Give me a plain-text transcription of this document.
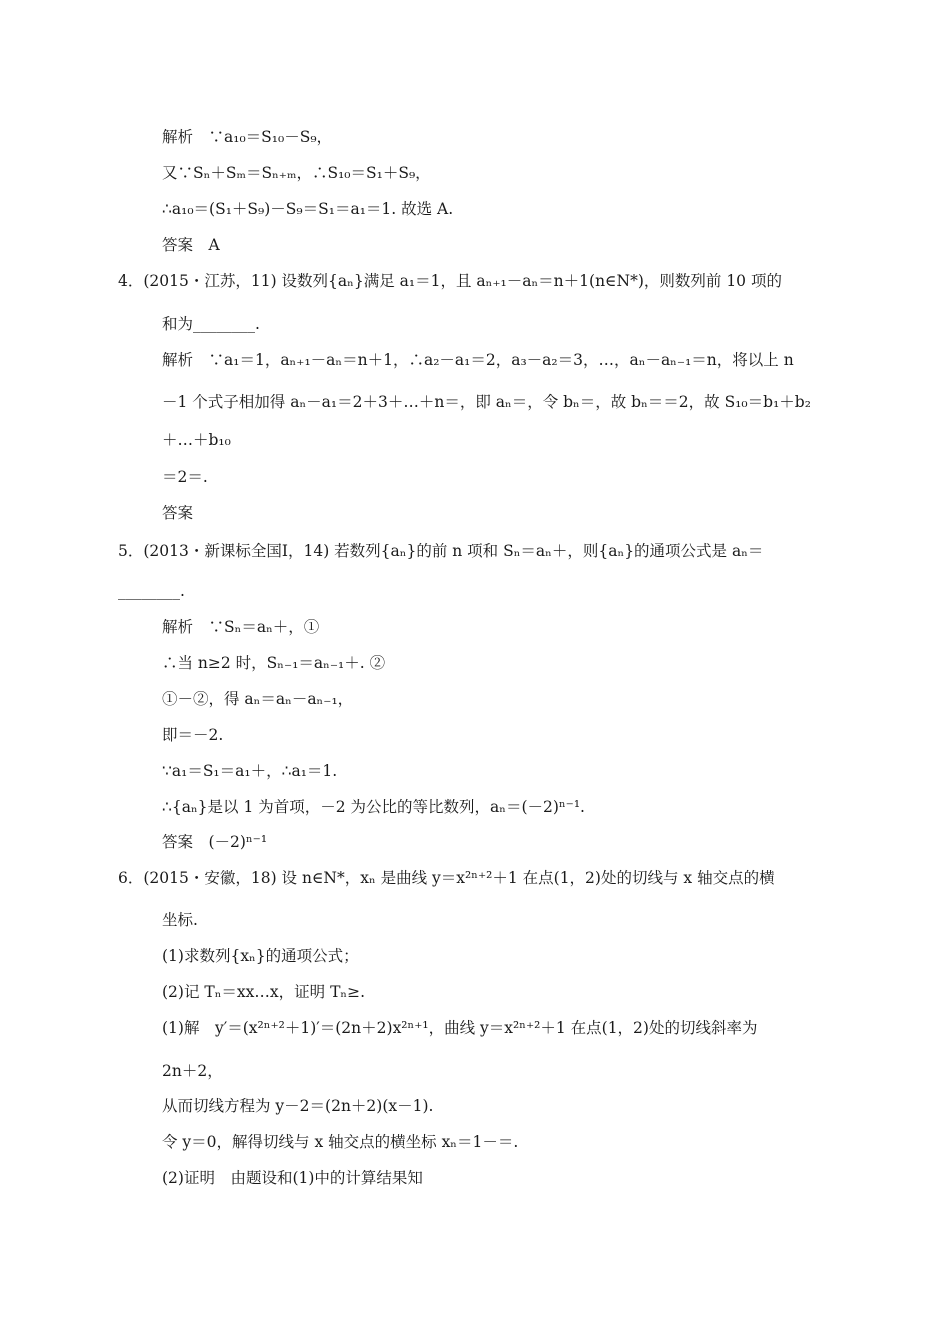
解析　∵a₁₀＝S₁₀－S₉，
又∵Sₙ＋Sₘ＝Sₙ₊ₘ，∴S₁₀＝S₁＋S₉，
∴a₁₀＝(S₁＋S₉)－S₉＝S₁＝a₁＝1. 故选 A.
答案　A
4．(2015・江苏，11) 设数列{aₙ}满足 a₁＝1，且 aₙ₊₁－aₙ＝n＋1(n∈N*)，则数列前 10 项的
和为________.
解析　∵a₁＝1，aₙ₊₁－aₙ＝n＋1，∴a₂－a₁＝2，a₃－a₂＝3，…，aₙ－aₙ₋₁＝n，将以上 n
－1 个式子相加得 aₙ－a₁＝2＋3＋…＋n＝，即 aₙ＝，令 bₙ＝，故 bₙ＝＝2，故 S₁₀＝b₁＋b₂
＋…＋b₁₀
＝2＝.
答案
5．(2013・新课标全国Ⅰ，14) 若数列{aₙ}的前 n 项和 Sₙ＝aₙ＋，则{aₙ}的通项公式是 aₙ＝
________.
解析　∵Sₙ＝aₙ＋，①
∴当 n≥2 时，Sₙ₋₁＝aₙ₋₁＋. ②
①－②，得 aₙ＝aₙ－aₙ₋₁，
即＝－2.
∵a₁＝S₁＝a₁＋，∴a₁＝1.
∴{aₙ}是以 1 为首项，－2 为公比的等比数列，aₙ＝(－2)ⁿ⁻¹.
答案　(－2)ⁿ⁻¹
6．(2015・安徽，18) 设 n∈N*，xₙ 是曲线 y＝x²ⁿ⁺²＋1 在点(1，2)处的切线与 x 轴交点的横
坐标.
(1)求数列{xₙ}的通项公式；
(2)记 Tₙ＝xx…x，证明 Tₙ≥.
(1)解　y′＝(x²ⁿ⁺²＋1)′＝(2n＋2)x²ⁿ⁺¹，曲线 y＝x²ⁿ⁺²＋1 在点(1，2)处的切线斜率为
2n＋2，
从而切线方程为 y－2＝(2n＋2)(x－1).
令 y＝0，解得切线与 x 轴交点的横坐标 xₙ＝1－＝.
(2)证明　由题设和(1)中的计算结果知
